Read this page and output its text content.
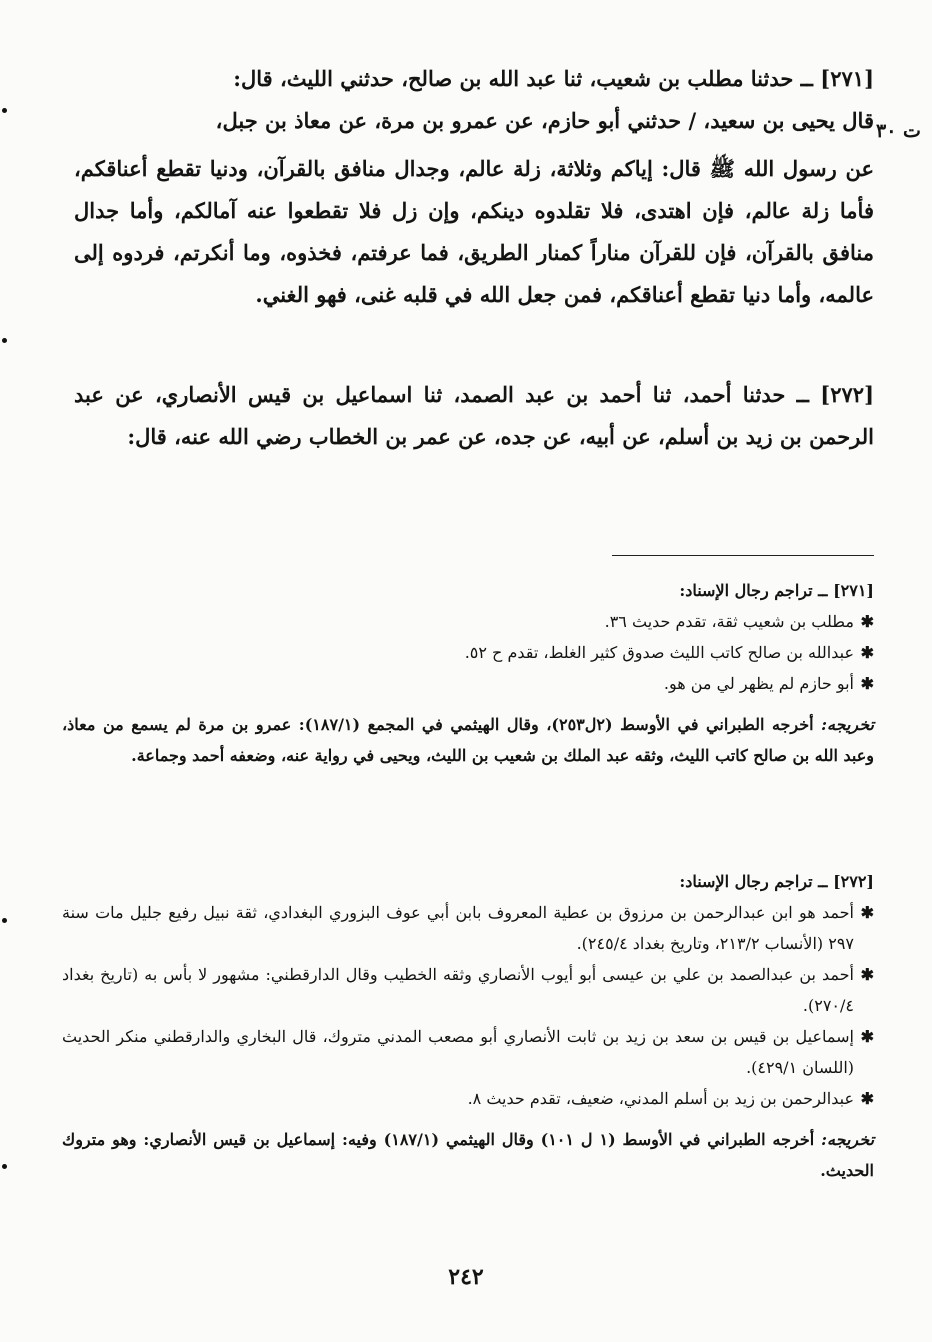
ت ٣٠

[٢٧١] ــ حدثنا مطلب بن شعيب، ثنا عبد الله بن صالح، حدثني الليث، قال:

قال يحيى بن سعيد، / حدثني أبو حازم، عن عمرو بن مرة، عن معاذ بن جبل،

عن رسول الله ﷺ قال: إياكم وثلاثة، زلة عالم، وجدال منافق بالقرآن، ودنيا تقطع أعناقكم، فأما زلة عالم، فإن اهتدى، فلا تقلدوه دينكم، وإن زل فلا تقطعوا عنه آمالكم، وأما جدال منافق بالقرآن، فإن للقرآن مناراً كمنار الطريق، فما عرفتم، فخذوه، وما أنكرتم، فردوه إلى عالمه، وأما دنيا تقطع أعناقكم، فمن جعل الله في قلبه غنى، فهو الغني.

[٢٧٢] ــ حدثنا أحمد، ثنا أحمد بن عبد الصمد، ثنا اسماعيل بن قيس الأنصاري، عن عبد الرحمن بن زيد بن أسلم، عن أبيه، عن جده، عن عمر بن الخطاب رضي الله عنه، قال:

[٢٧١] ــ تراجم رجال الإسناد:
✱
مطلب بن شعيب ثقة، تقدم حديث ٣٦.
✱
عبدالله بن صالح كاتب الليث صدوق كثير الغلط، تقدم ح ٥٢.
✱
أبو حازم لم يظهر لي من هو.
تخريجه: أخرجه الطبراني في الأوسط (٢ل٢٥٣)، وقال الهيثمي في المجمع (١٨٧/١): عمرو بن مرة لم يسمع من معاذ، وعبد الله بن صالح كاتب الليث، وثقه عبد الملك بن شعيب بن الليث، ويحيى في رواية عنه، وضعفه أحمد وجماعة.
[٢٧٢] ــ تراجم رجال الإسناد:
✱
أحمد هو ابن عبدالرحمن بن مرزوق بن عطية المعروف بابن أبي عوف البزوري البغدادي، ثقة نبيل رفيع جليل مات سنة ٢٩٧ (الأنساب ٢١٣/٢، وتاريخ بغداد ٢٤٥/٤).
✱
أحمد بن عبدالصمد بن علي بن عيسى أبو أيوب الأنصاري وثقه الخطيب وقال الدارقطني: مشهور لا بأس به (تاريخ بغداد ٢٧٠/٤).
✱
إسماعيل بن قيس بن سعد بن زيد بن ثابت الأنصاري أبو مصعب المدني متروك، قال البخاري والدارقطني منكر الحديث (اللسان ٤٢٩/١).
✱
عبدالرحمن بن زيد بن أسلم المدني، ضعيف، تقدم حديث ٨.
تخريجه: أخرجه الطبراني في الأوسط (١ ل ١٠١) وقال الهيثمي (١٨٧/١) وفيه: إسماعيل بن قيس الأنصاري: وهو متروك الحديث.
٢٤٢
